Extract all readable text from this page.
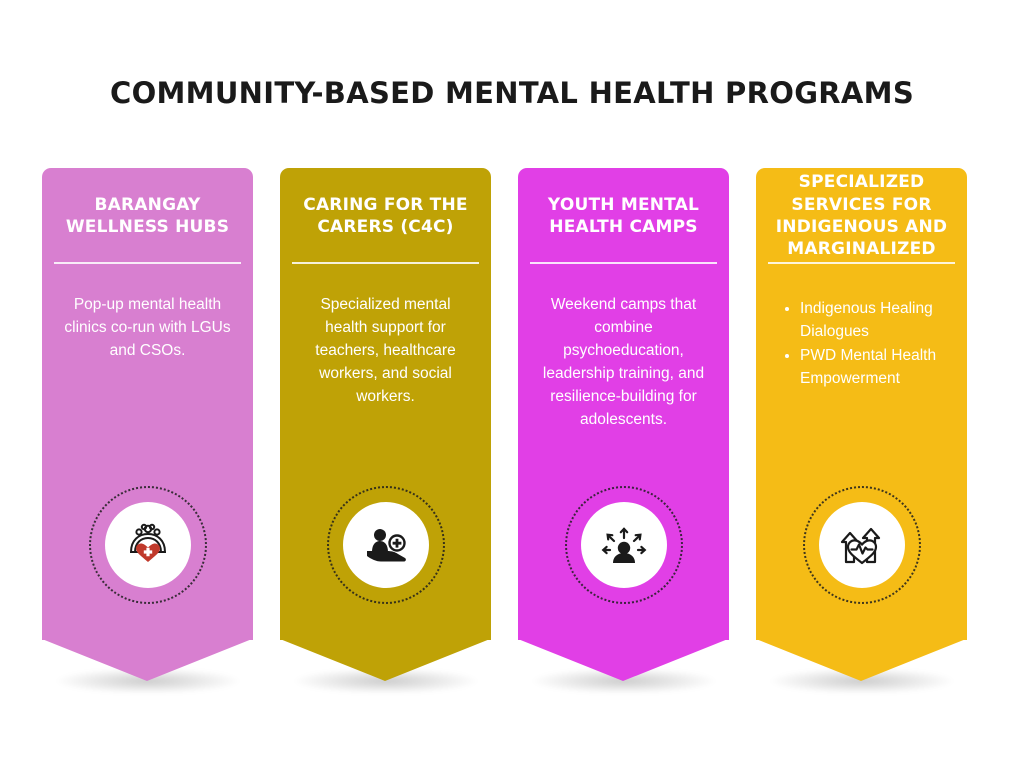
COMMUNITY-BASED MENTAL HEALTH PROGRAMS
BARANGAY WELLNESS HUBS
Pop-up mental health clinics co-run with LGUs and CSOs.
CARING FOR THE CARERS (C4C)
Specialized mental health support for teachers, healthcare workers, and social workers.
YOUTH MENTAL HEALTH CAMPS
Weekend camps that combine psychoeducation, leadership training, and resilience-building for adolescents.
SPECIALIZED SERVICES FOR INDIGENOUS AND MARGINALIZED
• Indigenous Healing Dialogues
• PWD Mental Health Empowerment
